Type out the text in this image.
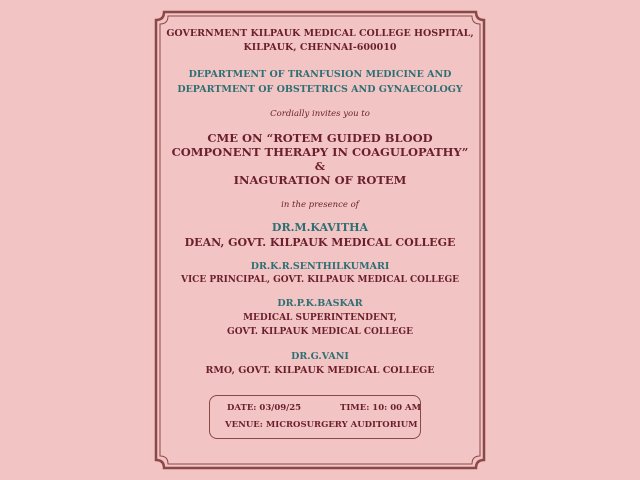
GOVERNMENT KILPAUK MEDICAL COLLEGE HOSPITAL,
KILPAUK, CHENNAI-600010
DEPARTMENT OF TRANFUSION MEDICINE AND
DEPARTMENT OF OBSTETRICS AND GYNAECOLOGY
Cordially invites you to
CME ON “ROTEM GUIDED BLOOD
COMPONENT THERAPY IN COAGULOPATHY”
&
INAGURATION OF ROTEM
in the presence of
DR.M.KAVITHA
DEAN, GOVT. KILPAUK MEDICAL COLLEGE
DR.K.R.SENTHILKUMARI
VICE PRINCIPAL, GOVT. KILPAUK MEDICAL COLLEGE
DR.P.K.BASKAR
MEDICAL SUPERINTENDENT,
GOVT. KILPAUK MEDICAL COLLEGE
DR.G.VANI
RMO, GOVT. KILPAUK MEDICAL COLLEGE
DATE: 03/09/25	TIME: 10: 00 AM
VENUE: MICROSURGERY AUDITORIUM
